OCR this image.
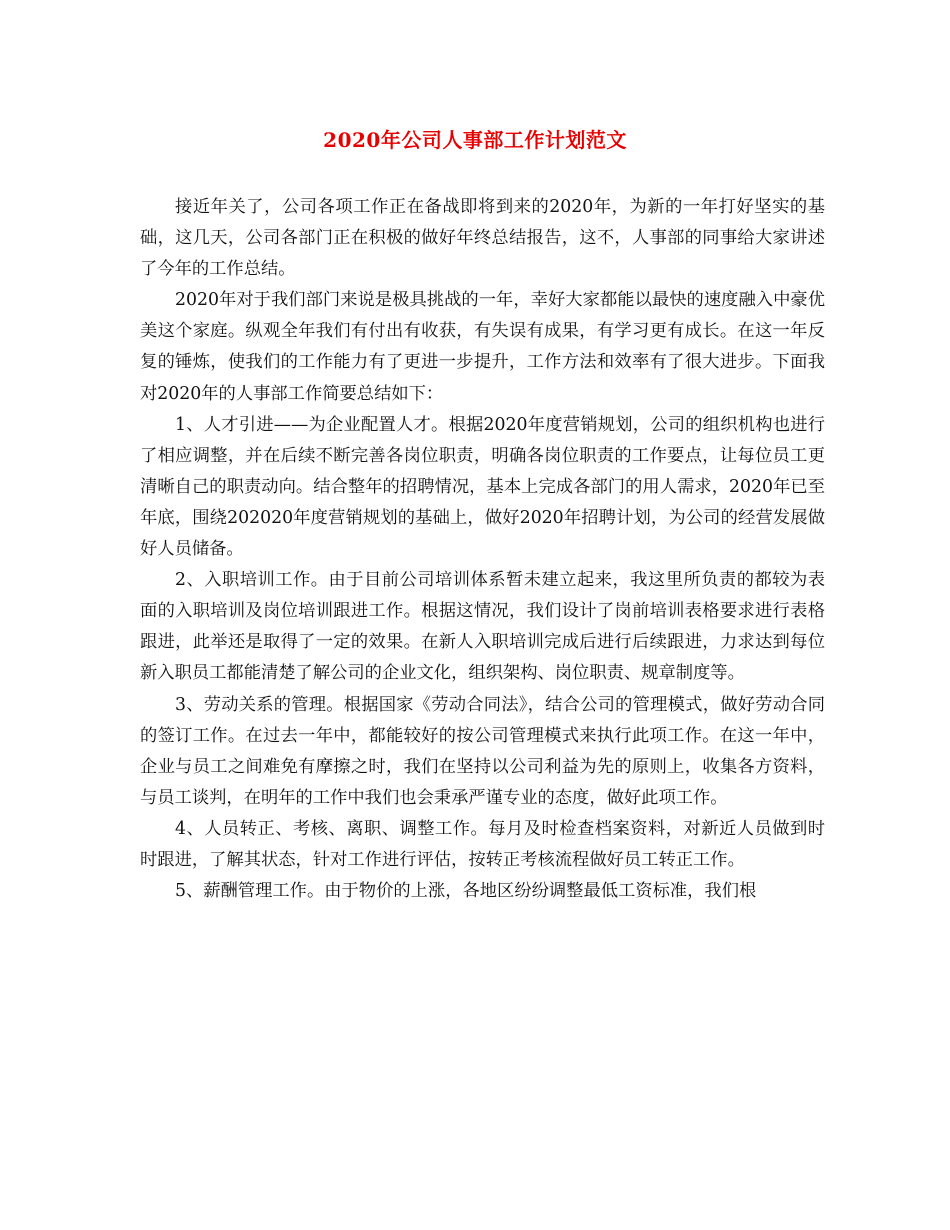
2020年公司人事部工作计划范文

接近年关了，公司各项工作正在备战即将到来的2020年，为新的一年打好坚实的基础，这几天，公司各部门正在积极的做好年终总结报告，这不，人事部的同事给大家讲述了今年的工作总结。

2020年对于我们部门来说是极具挑战的一年，幸好大家都能以最快的速度融入中豪优美这个家庭。纵观全年我们有付出有收获，有失误有成果，有学习更有成长。在这一年反复的锤炼，使我们的工作能力有了更进一步提升，工作方法和效率有了很大进步。下面我对2020年的人事部工作简要总结如下：

1、人才引进——为企业配置人才。根据2020年度营销规划，公司的组织机构也进行了相应调整，并在后续不断完善各岗位职责，明确各岗位职责的工作要点，让每位员工更清晰自己的职责动向。结合整年的招聘情况，基本上完成各部门的用人需求，2020年已至年底，围绕202020年度营销规划的基础上，做好2020年招聘计划，为公司的经营发展做好人员储备。

2、入职培训工作。由于目前公司培训体系暂未建立起来，我这里所负责的都较为表面的入职培训及岗位培训跟进工作。根据这情况，我们设计了岗前培训表格要求进行表格跟进，此举还是取得了一定的效果。在新人入职培训完成后进行后续跟进，力求达到每位新入职员工都能清楚了解公司的企业文化，组织架构、岗位职责、规章制度等。

3、劳动关系的管理。根据国家《劳动合同法》，结合公司的管理模式，做好劳动合同的签订工作。在过去一年中，都能较好的按公司管理模式来执行此项工作。在这一年中，企业与员工之间难免有摩擦之时，我们在坚持以公司利益为先的原则上，收集各方资料，与员工谈判，在明年的工作中我们也会秉承严谨专业的态度，做好此项工作。

4、人员转正、考核、离职、调整工作。每月及时检查档案资料，对新近人员做到时时跟进，了解其状态，针对工作进行评估，按转正考核流程做好员工转正工作。

5、薪酬管理工作。由于物价的上涨，各地区纷纷调整最低工资标准，我们根
